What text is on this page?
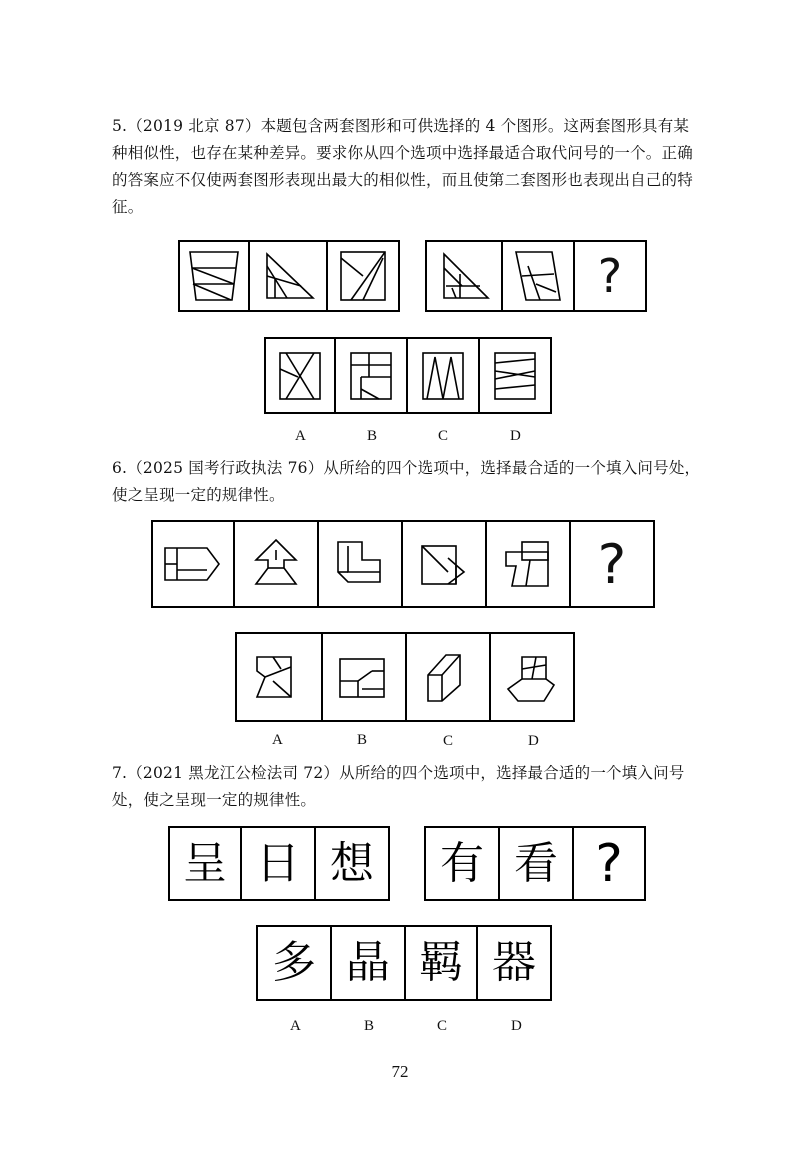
5.（2019 北京 87）本题包含两套图形和可供选择的 4 个图形。这两套图形具有某种相似性，也存在某种差异。要求你从四个选项中选择最适合取代问号的一个。正确的答案应不仅使两套图形表现出最大的相似性，而且使第二套图形也表现出自己的特征。

?
A	B	C	D

6.（2025 国考行政执法 76）从所给的四个选项中，选择最合适的一个填入问号处，使之呈现一定的规律性。

?
A	B	C	D

7.（2021 黑龙江公检法司 72）从所给的四个选项中，选择最合适的一个填入问号处，使之呈现一定的规律性。

呈 日 想	有 看 ?
多 晶 羁 器
A	B	C	D
72
